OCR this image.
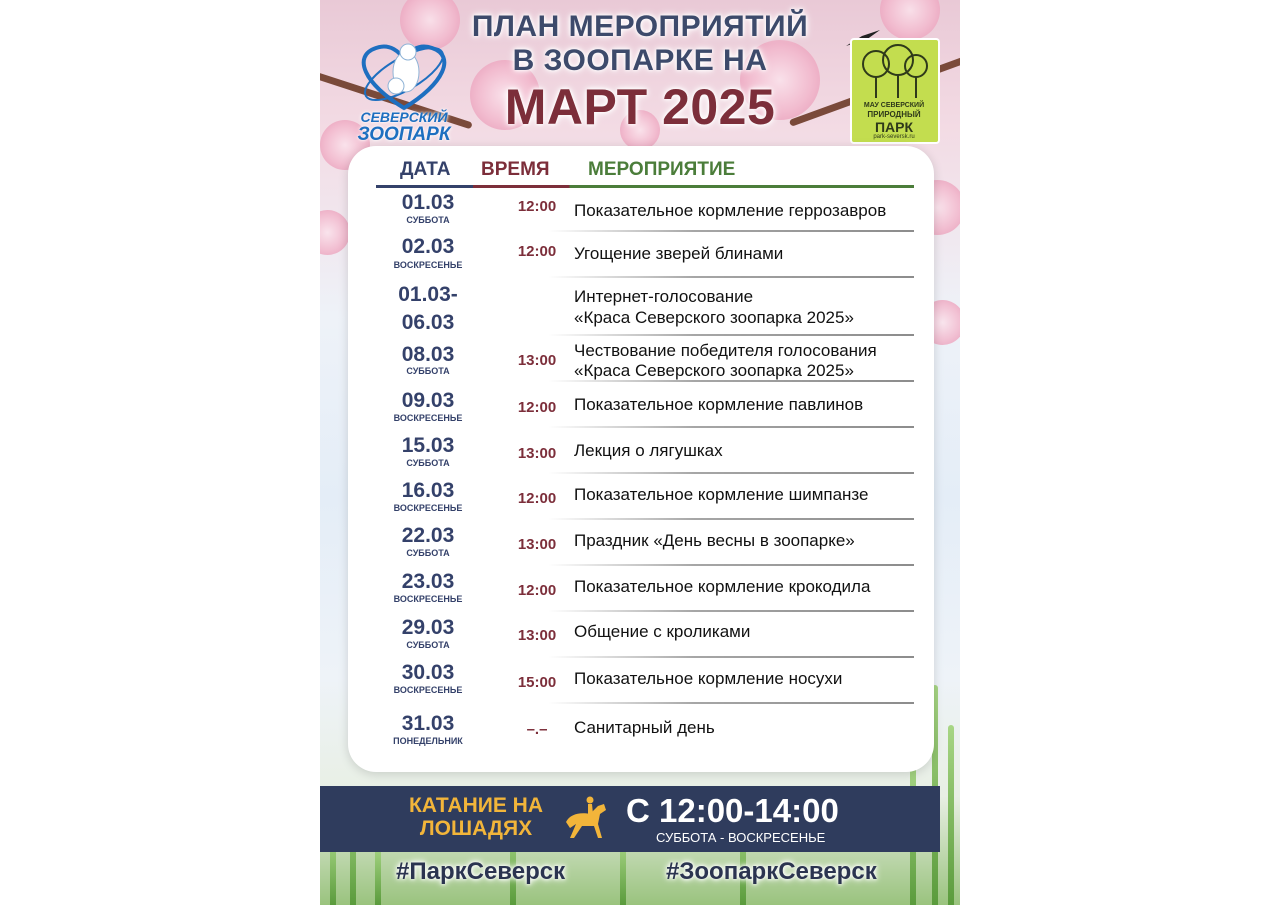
СЕВЕРСКИЙ
ЗООПАРК
ПЛАН МЕРОПРИЯТИЙ
В ЗООПАРКЕ НА
МАРТ 2025	МАУ СЕВЕРСКИЙ
ПРИРОДНЫЙ
ПАРК
park-seversk.ru
ДАТА ВРЕМЯ МЕРОПРИЯТИЕ
01.03
СУББОТА
12:00	Показательное кормление геррозавров
02.03
ВОСКРЕСЕНЬЕ
12:00	Угощение зверей блинами
01.03-
06.03
Интернет-голосование
«Краса Северского зоопарка 2025»
08.03
СУББОТА
13:00
Чествование победителя голосования
«Краса Северского зоопарка 2025»
09.03
ВОСКРЕСЕНЬЕ
12:00	Показательное кормление павлинов
15.03
СУББОТА
13:00	Лекция о лягушках
16.03
ВОСКРЕСЕНЬЕ
12:00	Показательное кормление шимпанзе
22.03
СУББОТА	13:00	Праздник «День весны в зоопарке»
23.03
ВОСКРЕСЕНЬЕ	12:00	Показательное кормление крокодила
29.03
СУББОТА
13:00	Общение с кроликами
30.03
ВОСКРЕСЕНЬЕ	15:00	Показательное кормление носухи
31.03
ПОНЕДЕЛЬНИК
–.–	Санитарный день
КАТАНИЕ НА
ЛОШАДЯХ	С 12:00-14:00
СУББОТА - ВОСКРЕСЕНЬЕ
#ПаркСеверск	#ЗоопаркСеверск
